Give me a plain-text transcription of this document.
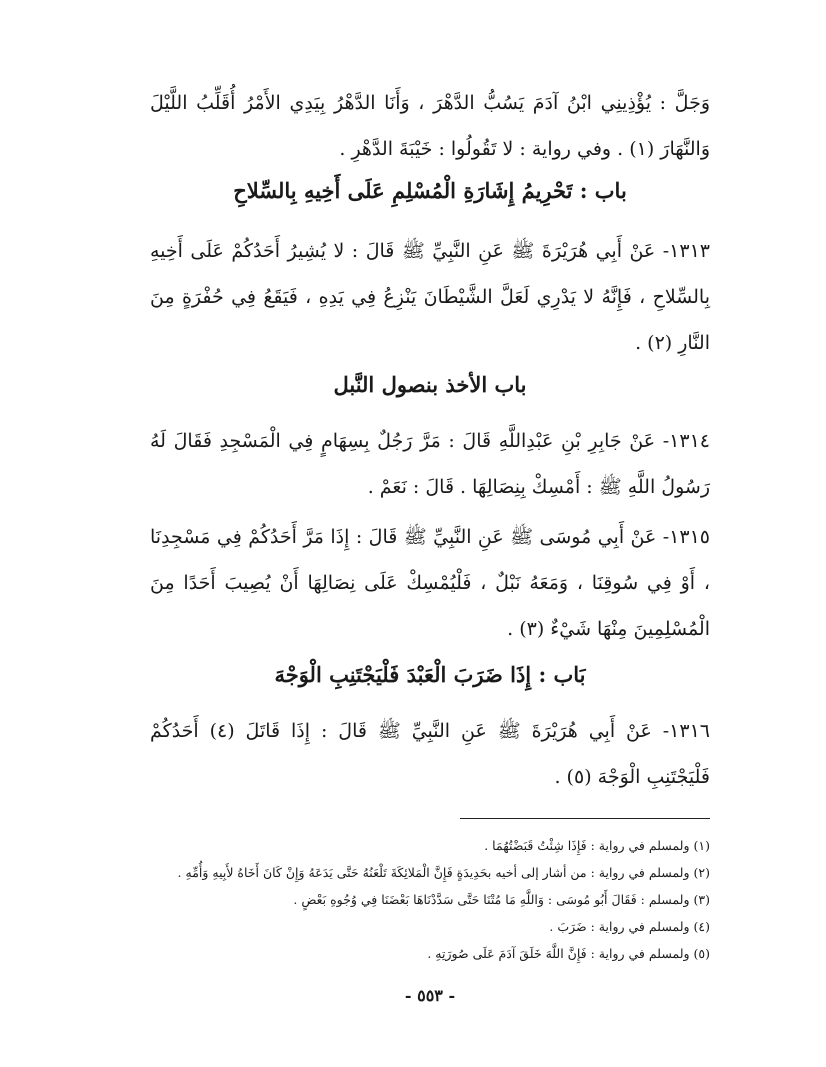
وَجَلَّ : يُؤْذِينِي ابْنُ آدَمَ يَسُبُّ الدَّهْرَ ، وَأَنَا الدَّهْرُ بِيَدِي الأَمْرُ أُقَلِّبُ اللَّيْلَ وَالنَّهَارَ (١) . وفي رواية : لا تَقُولُوا : خَيْبَةَ الدَّهْرِ .

باب : تَحْرِيمُ إِشَارَةِ الْمُسْلِمِ عَلَى أَخِيهِ بِالسِّلاحِ

١٣١٣- عَنْ أَبِي هُرَيْرَةَ ﷺ عَنِ النَّبِيِّ ﷺ قَالَ : لا يُشِيرُ أَحَدُكُمْ عَلَى أَخِيهِ بِالسِّلاحِ ، فَإِنَّهُ لا يَدْرِي لَعَلَّ الشَّيْطَانَ يَنْزِعُ فِي يَدِهِ ، فَيَقَعُ فِي حُفْرَةٍ مِنَ النَّارِ (٢) .

باب الأخذ بنصول النَّبل

١٣١٤- عَنْ جَابِرِ بْنِ عَبْدِاللَّهِ قَالَ : مَرَّ رَجُلٌ بِسِهَامٍ فِي الْمَسْجِدِ فَقَالَ لَهُ رَسُولُ اللَّهِ ﷺ : أَمْسِكْ بِنِصَالِهَا . قَالَ : نَعَمْ .

١٣١٥- عَنْ أَبِي مُوسَى ﷺ عَنِ النَّبِيِّ ﷺ قَالَ : إِذَا مَرَّ أَحَدُكُمْ فِي مَسْجِدِنَا ، أَوْ فِي سُوقِنَا ، وَمَعَهُ نَبْلٌ ، فَلْيُمْسِكْ عَلَى نِصَالِهَا أَنْ يُصِيبَ أَحَدًا مِنَ الْمُسْلِمِينَ مِنْهَا شَيْءٌ (٣) .

بَاب : إِذَا ضَرَبَ الْعَبْدَ فَلْيَجْتَنِبِ الْوَجْهَ

١٣١٦- عَنْ أَبِي هُرَيْرَةَ ﷺ عَنِ النَّبِيِّ ﷺ قَالَ : إِذَا قَاتَلَ (٤) أَحَدُكُمْ فَلْيَجْتَنِبِ الْوَجْهَ (٥) .

(١) ولمسلم في رواية : فَإِذَا شِئْتُ قَبَضْتُهُمَا .
(٢) ولمسلم في رواية : من أشار إلى أخيه بحَدِيدَةٍ فَإِنَّ الْمَلائِكَةَ تَلْعَنُهُ حَتَّى يَدَعَهُ وَإِنْ كَانَ أَخَاهُ لأَبِيهِ وَأُمِّهِ .
(٣) ولمسلم : فَقَالَ أَبُو مُوسَى : وَاللَّهِ مَا مُتْنَا حَتَّى سَدَّدْنَاهَا بَعْضَنَا فِي وُجُوهِ بَعْضٍ .
(٤) ولمسلم في رواية : ضَرَبَ .
(٥) ولمسلم في رواية : فَإِنَّ اللَّهَ خَلَقَ آدَمَ عَلَى صُورَتِهِ .
- ٥٥٣ -
